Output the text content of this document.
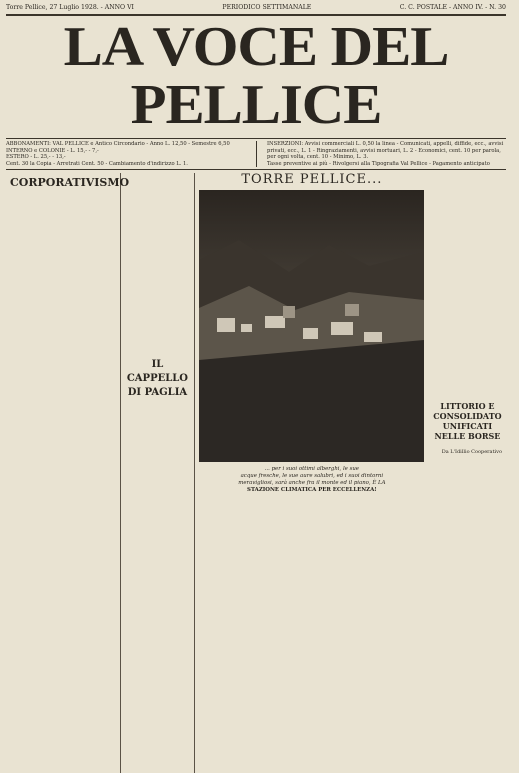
Torre Pellice, 27 Luglio 1928. - ANNO VI	PERIODICO SETTIMANALE	C. C. POSTALE - ANNO IV. - N. 30
LA VOCE DEL PELLICE
ABBONAMENTI: VAL PELLICE e Antico Circondario - Anno L. 12,50 - Semestre 6,50
INTERNO e COLONIE - L. 15,- - 7,-
ESTERO - L. 25,- - 13,-
Cent. 30 la Copia - Arretrati Cent. 50 - Cambiamento d'indirizzo L. 1.
INSERZIONI: Avvisi commerciali L. 0,50 la linea - Comunicati, appelli, diffide, ecc., avvisi privati, ecc., L. 1 - Ringraziamenti, avvisi mortuari, L. 2 - Economici, cent. 10 per parola, per ogni volta, cent. 10 - Minimo, L. 3.
Tasse preventive ai più - Rivolgersi alla Tipografia Val Pellice - Pagamento anticipato
CORPORATIVISMO
IL CAPPELLO DI PAGLIA
TORRE PELLICE...
... per i suoi ottimi alberghi, le sue
acque fresche, le sue aure salubri, ed i suoi dintorni
meravigliosi, sarà anche fra il monte ed il piano, È LA
STAZIONE CLIMATICA PER ECCELLENZA!
LITTORIO E CONSOLIDATO UNIFICATI NELLE BORSE
Da L'Idillio Cooperativo
